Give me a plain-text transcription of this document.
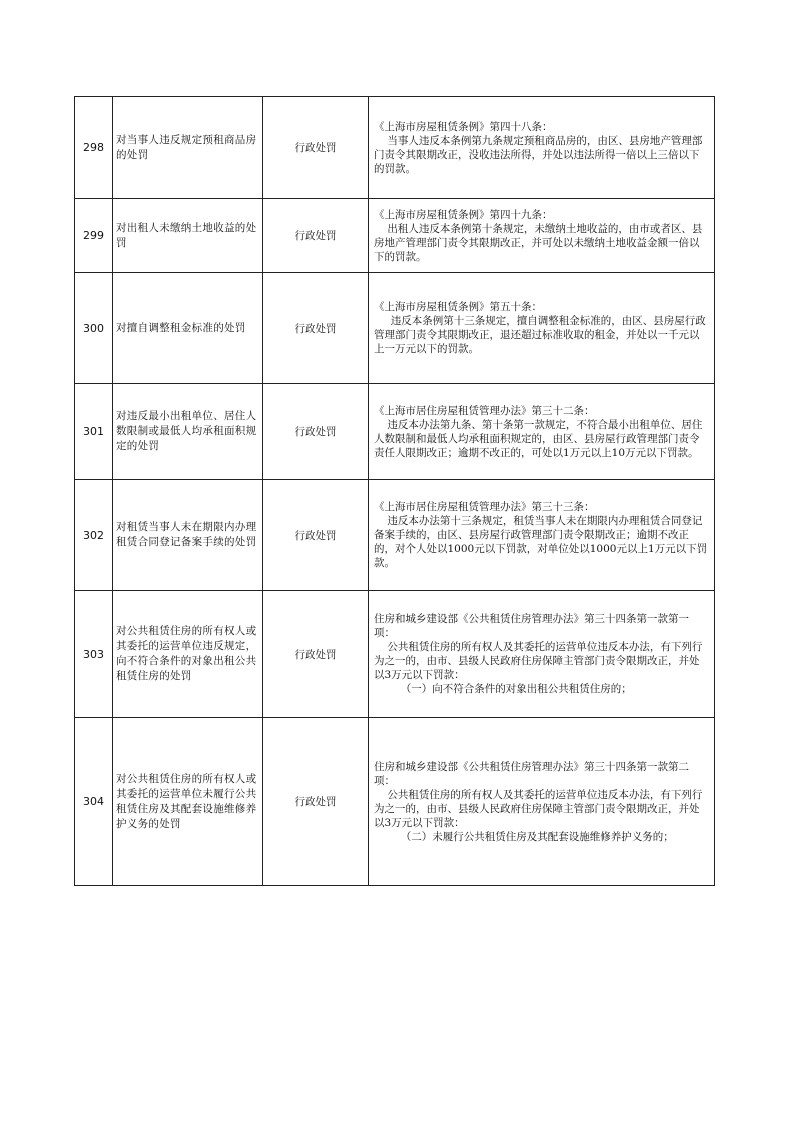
298	对当事人违反规定预租商品房的处罚	行政处罚	《上海市房屋租赁条例》第四十八条：

当事人违反本条例第九条规定预租商品房的，由区、县房地产管理部门责令其限期改正，没收违法所得，并处以违法所得一倍以上三倍以下的罚款。

299	对出租人未缴纳土地收益的处罚	行政处罚	《上海市房屋租赁条例》第四十九条：

出租人违反本条例第十条规定，未缴纳土地收益的，由市或者区、县房地产管理部门责令其限期改正，并可处以未缴纳土地收益金额一倍以下的罚款。

300	对擅自调整租金标准的处罚	行政处罚	《上海市房屋租赁条例》第五十条：

违反本条例第十三条规定，擅自调整租金标准的，由区、县房屋行政管理部门责令其限期改正，退还超过标准收取的租金，并处以一千元以上一万元以下的罚款。

301	对违反最小出租单位、居住人数限制或最低人均承租面积规定的处罚	行政处罚	《上海市居住房屋租赁管理办法》第三十二条：

违反本办法第九条、第十条第一款规定，不符合最小出租单位、居住人数限制和最低人均承租面积规定的，由区、县房屋行政管理部门责令责任人限期改正；逾期不改正的，可处以1万元以上10万元以下罚款。

302	对租赁当事人未在期限内办理租赁合同登记备案手续的处罚	行政处罚	《上海市居住房屋租赁管理办法》第三十三条：

违反本办法第十三条规定，租赁当事人未在期限内办理租赁合同登记备案手续的，由区、县房屋行政管理部门责令限期改正；逾期不改正的，对个人处以1000元以下罚款，对单位处以1000元以上1万元以下罚款。

303	对公共租赁住房的所有权人或其委托的运营单位违反规定，向不符合条件的对象出租公共租赁住房的处罚	行政处罚	住房和城乡建设部《公共租赁住房管理办法》第三十四条第一款第一项：

公共租赁住房的所有权人及其委托的运营单位违反本办法，有下列行为之一的，由市、县级人民政府住房保障主管部门责令限期改正，并处以3万元以下罚款：

（一）向不符合条件的对象出租公共租赁住房的；

304	对公共租赁住房的所有权人或其委托的运营单位未履行公共租赁住房及其配套设施维修养护义务的处罚	行政处罚	住房和城乡建设部《公共租赁住房管理办法》第三十四条第一款第二项：

公共租赁住房的所有权人及其委托的运营单位违反本办法，有下列行为之一的，由市、县级人民政府住房保障主管部门责令限期改正，并处以3万元以下罚款：

（二）未履行公共租赁住房及其配套设施维修养护义务的；
